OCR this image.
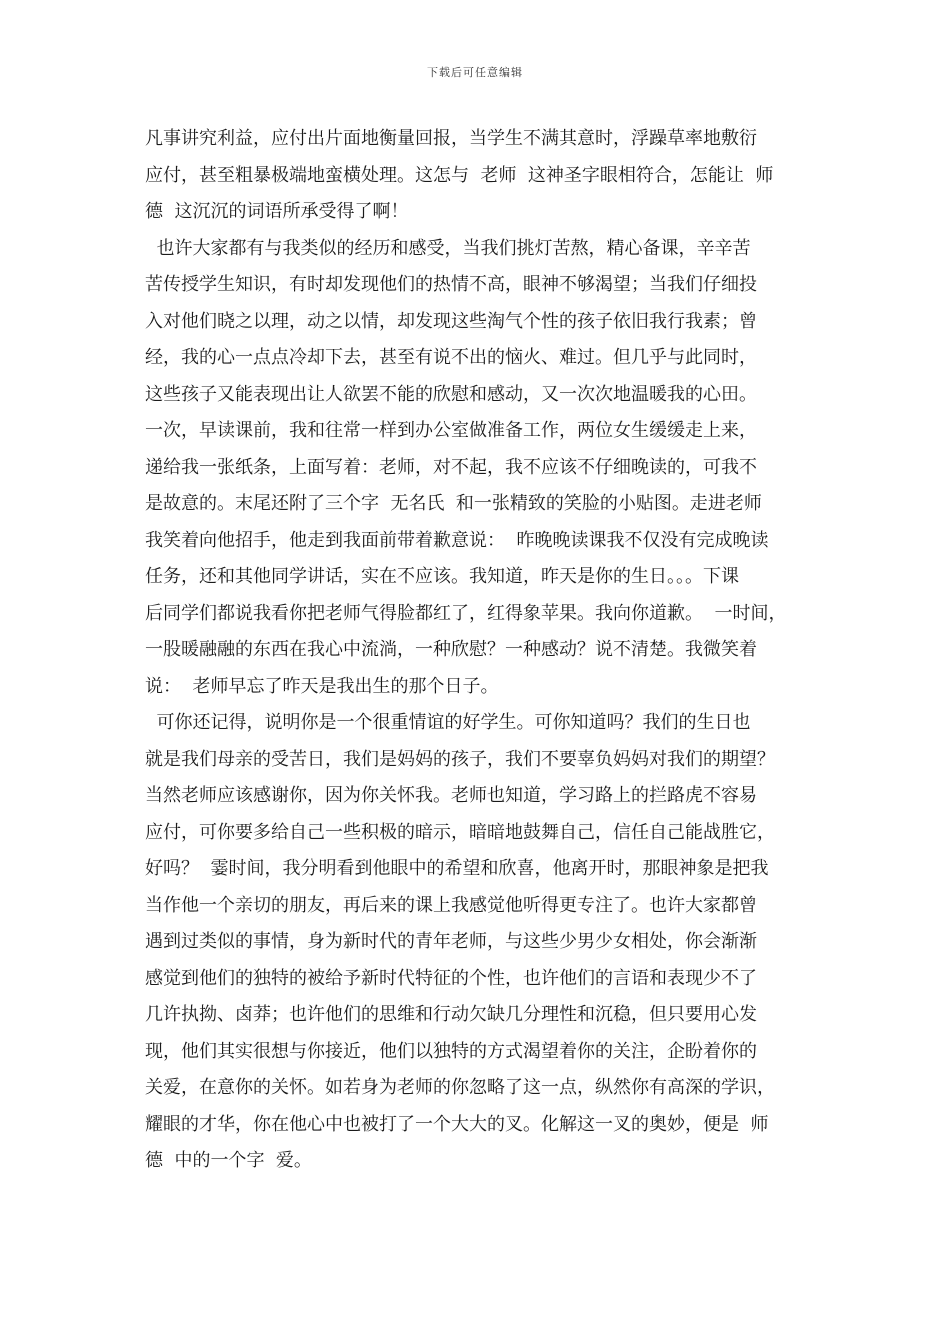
下载后可任意编辑
凡事讲究利益，应付出片面地衡量回报，当学生不满其意时，浮躁草率地敷衍
应付，甚至粗暴极端地蛮横处理。这怎与  老师  这神圣字眼相符合，怎能让  师
德  这沉沉的词语所承受得了啊！
也许大家都有与我类似的经历和感受，当我们挑灯苦熬，精心备课，辛辛苦
苦传授学生知识，有时却发现他们的热情不高，眼神不够渴望；当我们仔细投
入对他们晓之以理，动之以情，却发现这些淘气个性的孩子依旧我行我素；曾
经，我的心一点点冷却下去，甚至有说不出的恼火、难过。但几乎与此同时，
这些孩子又能表现出让人欲罢不能的欣慰和感动，又一次次地温暖我的心田。
一次，早读课前，我和往常一样到办公室做准备工作，两位女生缓缓走上来，
递给我一张纸条，上面写着：老师，对不起，我不应该不仔细晚读的，可我不
是故意的。末尾还附了三个字  无名氏  和一张精致的笑脸的小贴图。走进老师
我笑着向他招手，他走到我面前带着歉意说：  昨晚晚读课我不仅没有完成晚读
任务，还和其他同学讲话，实在不应该。我知道，昨天是你的生日。。。下课
后同学们都说我看你把老师气得脸都红了，红得象苹果。我向你道歉。  一时间，
一股暖融融的东西在我心中流淌，一种欣慰？一种感动？说不清楚。我微笑着
说：  老师早忘了昨天是我出生的那个日子。
可你还记得，说明你是一个很重情谊的好学生。可你知道吗？我们的生日也
就是我们母亲的受苦日，我们是妈妈的孩子，我们不要辜负妈妈对我们的期望？
当然老师应该感谢你，因为你关怀我。老师也知道，学习路上的拦路虎不容易
应付，可你要多给自己一些积极的暗示，暗暗地鼓舞自己，信任自己能战胜它，
好吗？  霎时间，我分明看到他眼中的希望和欣喜，他离开时，那眼神象是把我
当作他一个亲切的朋友，再后来的课上我感觉他听得更专注了。也许大家都曾
遇到过类似的事情，身为新时代的青年老师，与这些少男少女相处，你会渐渐
感觉到他们的独特的被给予新时代特征的个性，也许他们的言语和表现少不了
几许执拗、卤莽；也许他们的思维和行动欠缺几分理性和沉稳，但只要用心发
现，他们其实很想与你接近，他们以独特的方式渴望着你的关注，企盼着你的
关爱，在意你的关怀。如若身为老师的你忽略了这一点，纵然你有高深的学识，
耀眼的才华，你在他心中也被打了一个大大的叉。化解这一叉的奥妙，便是  师
德  中的一个字  爱。
